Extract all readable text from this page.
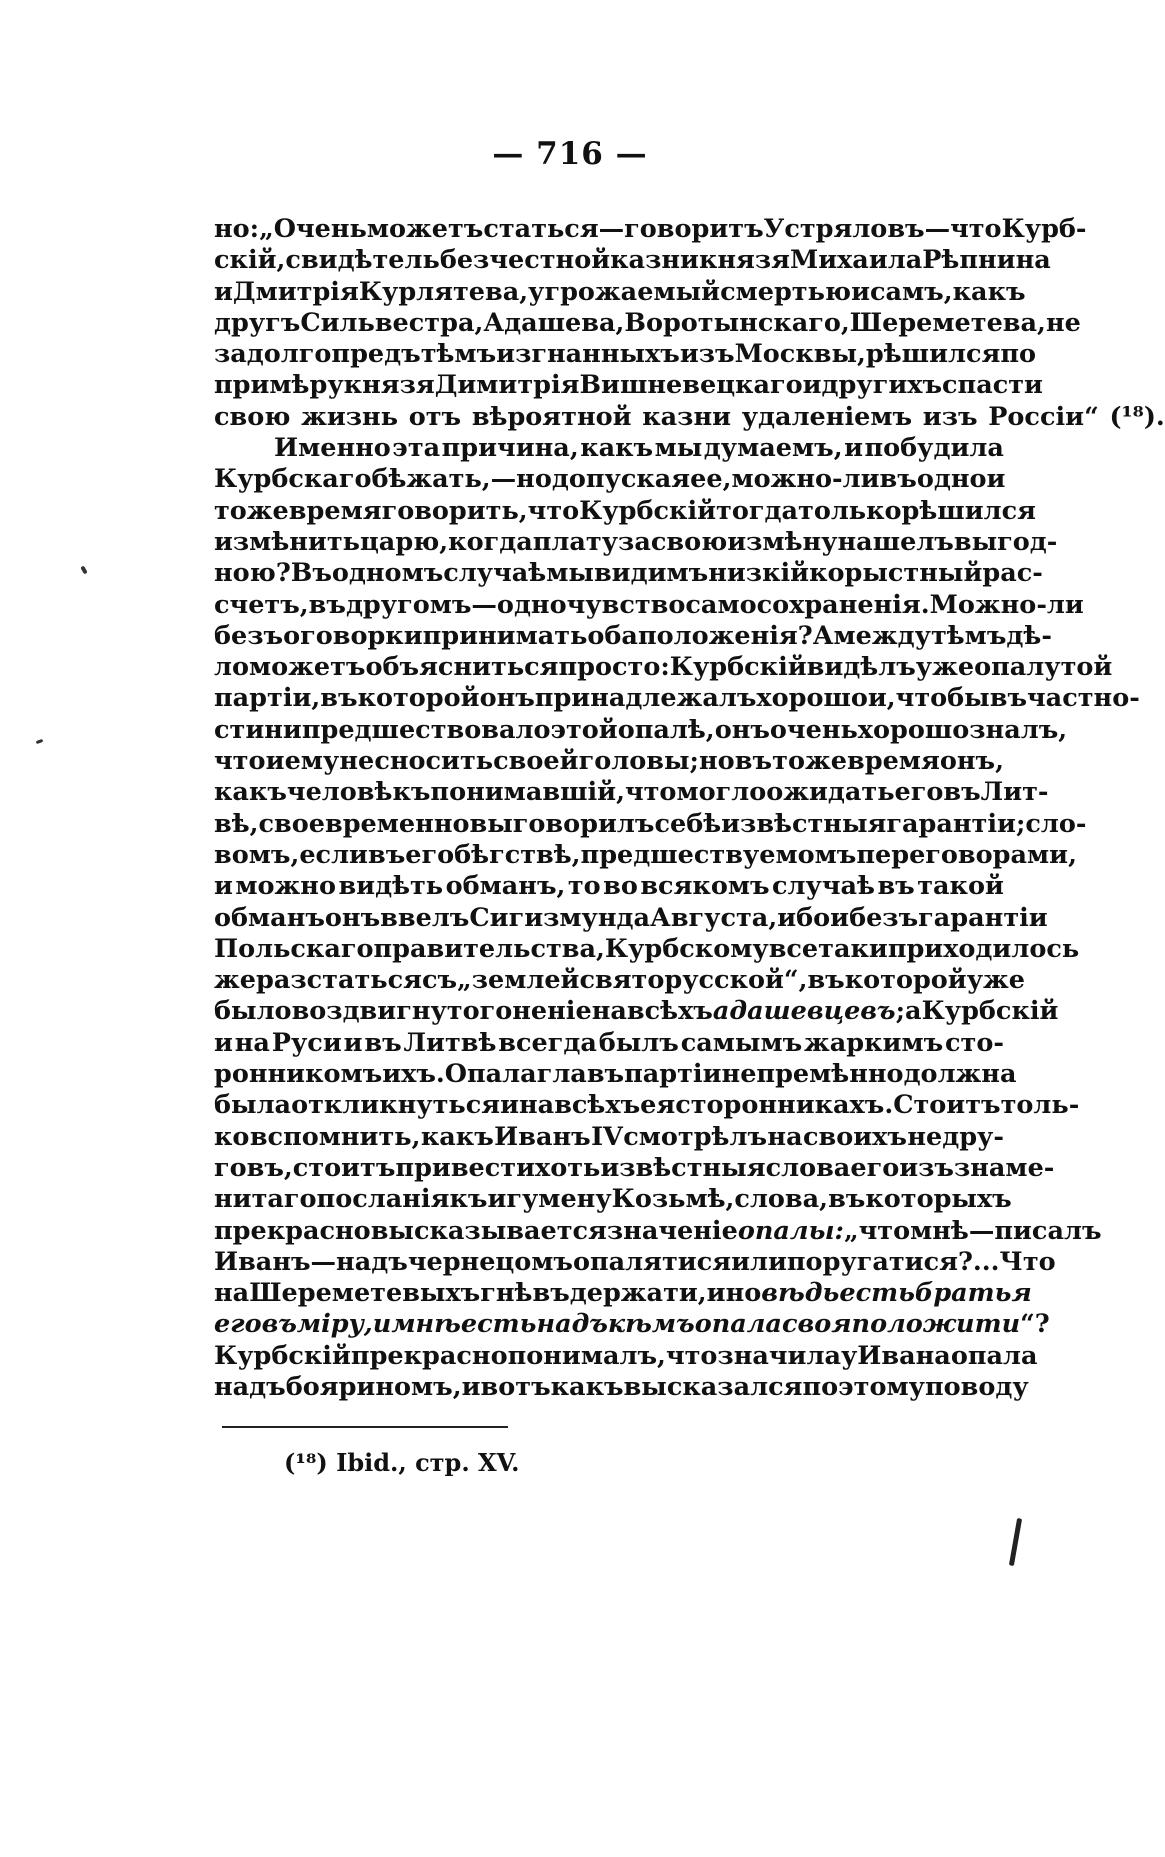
— 716 —
но: „Очень можетъ статься—говоритъ Устряловъ—что Курб-
скій, свидѣтель безчестной казни князя Михаила Рѣпнина
и Дмитрія Курлятева, угрожаемый смертью и самъ, какъ
другъ Сильвестра, Адашева, Воротынскаго, Шереметева, не
задолго предъ тѣмъ изгнанныхъ изъ Москвы, рѣшился по
примѣру князя Димитрія Вишневецкаго и другихъ спасти
свою жизнь отъ вѣроятной казни удаленіемъ изъ Россіи“ (¹⁸).
Именно эта причина, какъ мы думаемъ, и побудила
Курбскаго бѣжать,—но допуская ее, можно-ли въ одно и
тоже время говорить, что Курбскій тогда только рѣшился
измѣнить царю, когда плату за свою измѣну нашелъ выгод-
ною? Въ одномъ случаѣ мы видимъ низкій корыстный рас-
счетъ, въ другомъ—одно чувство самосохраненія. Можно-ли
безъ оговорки принимать оба положенія? А между тѣмъ дѣ-
ло можетъ объясниться просто: Курбскій видѣлъ уже опалу той
партіи, въ которой онъ принадлежалъ хорошо и, что бы въ частно-
сти ни предшествовало этой опалѣ, онъ очень хорошо зналъ,
что и ему не сносить своей головы; но въ тоже время онъ,
какъ человѣкъ понимавшій, что могло ожидать его въ Лит-
вѣ, своевременно выговорилъ себѣ извѣстныя гарантіи; сло-
вомъ, если въ его бѣгствѣ, предшествуемомъ переговорами,
и можно видѣть обманъ, то во всякомъ случаѣ въ такой
обманъ онъ ввелъ Сигизмунда Августа, ибо и безъ гарантіи
Польскаго правительства, Курбскому всетаки приходилось
же разстаться съ „землей святорусской“, въ которой уже
было воздвигнуто гоненіе на всѣхъ адашевцевъ; а Курбскій
и на Руси и въ Литвѣ всегда былъ самымъ жаркимъ сто-
ронникомъ ихъ. Опала главъ партіи непремѣнно должна
была откликнуться и на всѣхъ ея сторонникахъ. Стоитъ толь-
ко вспомнить, какъ Иванъ IV смотрѣлъ на своихъ недру-
говъ, стоитъ привести хоть извѣстныя слова его изъ знаме-
нитаго посланія къ игумену Козьмѣ, слова, въ которыхъ
прекрасно высказывается значеніе опалы: „что мнѣ—писалъ
Иванъ—надъ чернецомъ опалятися или поругатися?... Что
на Шереметевыхъ гнѣвъ держати, ино вѣдь есть братья
его въ міру, и мнѣ есть надъ кѣмъ опала своя положити“?
Курбскій прекрасно понималъ, что значила у Ивана опала
надъ бояриномъ, и вотъ какъ высказался по этому поводу
(¹⁸) Ibid., стр. XV.
